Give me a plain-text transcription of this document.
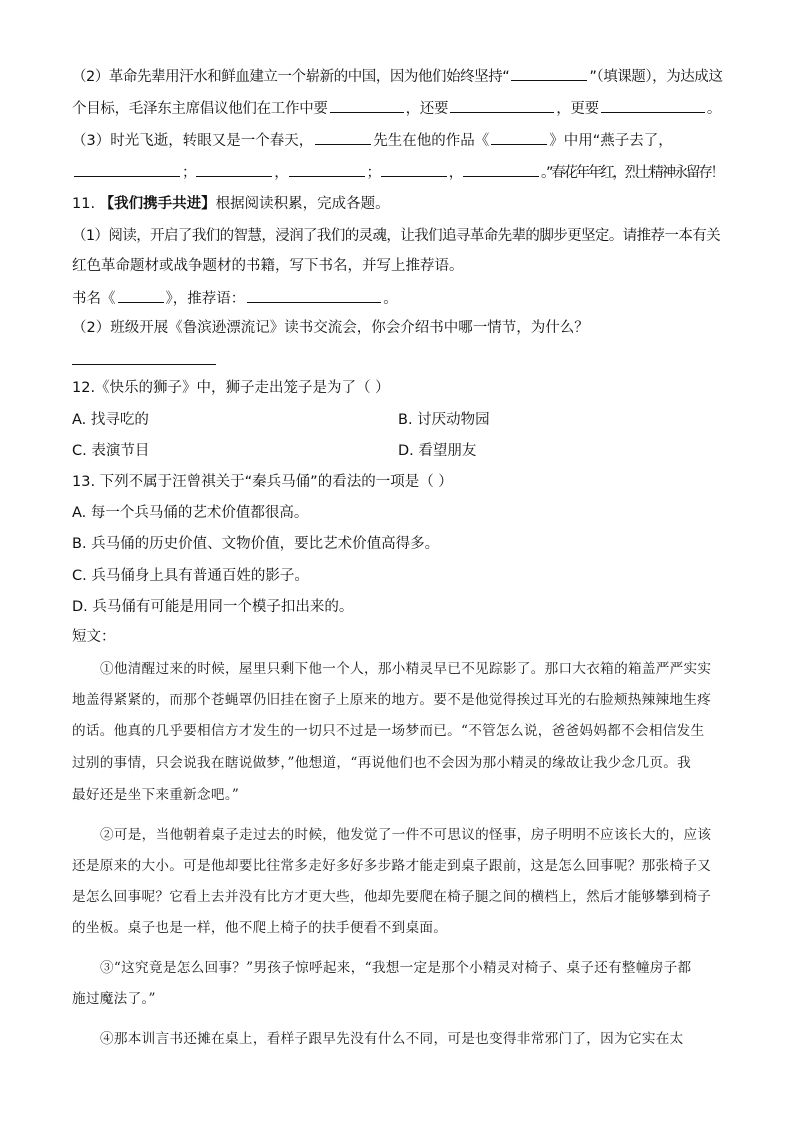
（2）革命先辈用汗水和鲜血建立一个崭新的中国，因为他们始终坚持“	”（填课题），为达成这
个目标，毛泽东主席倡议他们在工作中要	，还要	，更要	。
（3）时光飞逝，转眼又是一个春天，	先生在他的作品《	》中用“燕子去了，
；	，	；	，	。”春花年年红，烈士精神永留存！
11. 【我们携手共进】根据阅读积累，完成各题。
（1）阅读，开启了我们的智慧，浸润了我们的灵魂，让我们追寻革命先辈的脚步更坚定。请推荐一本有关
红色革命题材或战争题材的书籍，写下书名，并写上推荐语。
书名《	》，推荐语：	。
（2）班级开展《鲁滨逊漂流记》读书交流会，你会介绍书中哪一情节，为什么？
12.《快乐的狮子》中，狮子走出笼子是为了（ ）
A. 找寻吃的	B. 讨厌动物园
C. 表演节目	D. 看望朋友
13. 下列不属于汪曾祺关于“秦兵马俑”的看法的一项是（ ）
A. 每一个兵马俑的艺术价值都很高。
B. 兵马俑的历史价值、文物价值，要比艺术价值高得多。
C. 兵马俑身上具有普通百姓的影子。
D. 兵马俑有可能是用同一个模子扣出来的。
短文：
①他清醒过来的时候，屋里只剩下他一个人，那小精灵早已不见踪影了。那口大衣箱的箱盖严严实实
地盖得紧紧的，而那个苍蝇罩仍旧挂在窗子上原来的地方。要不是他觉得挨过耳光的右脸颊热辣辣地生疼
的话。他真的几乎要相信方才发生的一切只不过是一场梦而已。“不管怎么说，爸爸妈妈都不会相信发生
过别的事情，只会说我在瞎说做梦，”他想道，“再说他们也不会因为那小精灵的缘故让我少念几页。我
最好还是坐下来重新念吧。”
②可是，当他朝着桌子走过去的时候，他发觉了一件不可思议的怪事，房子明明不应该长大的，应该
还是原来的大小。可是他却要比往常多走好多好多步路才能走到桌子跟前，这是怎么回事呢？那张椅子又
是怎么回事呢？它看上去并没有比方才更大些，他却先要爬在椅子腿之间的横档上，然后才能够攀到椅子
的坐板。桌子也是一样，他不爬上椅子的扶手便看不到桌面。
③“这究竟是怎么回事？”男孩子惊呼起来，“我想一定是那个小精灵对椅子、桌子还有整幢房子都
施过魔法了。”
④那本训言书还摊在桌上，看样子跟早先没有什么不同，可是也变得非常邪门了，因为它实在太
